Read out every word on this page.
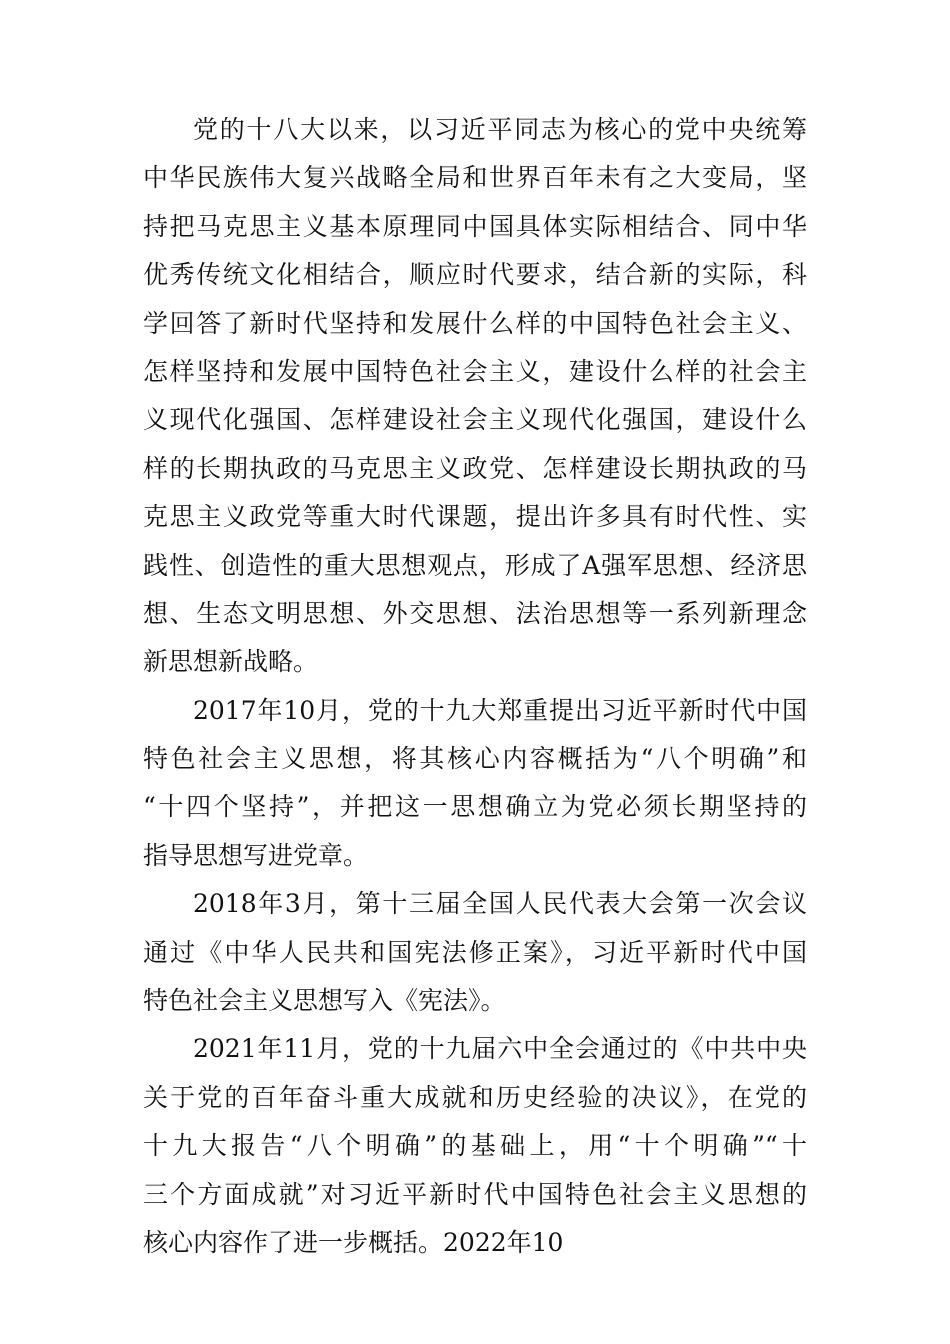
党的十八大以来，以习近平同志为核心的党中央统筹
中华民族伟大复兴战略全局和世界百年未有之大变局，坚
持把马克思主义基本原理同中国具体实际相结合、同中华
优秀传统文化相结合，顺应时代要求，结合新的实际，科
学回答了新时代坚持和发展什么样的中国特色社会主义、
怎样坚持和发展中国特色社会主义，建设什么样的社会主
义现代化强国、怎样建设社会主义现代化强国，建设什么
样的长期执政的马克思主义政党、怎样建设长期执政的马
克思主义政党等重大时代课题，提出许多具有时代性、实
践性、创造性的重大思想观点，形成了A强军思想、经济思
想、生态文明思想、外交思想、法治思想等一系列新理念
新思想新战略。
2017年10月，党的十九大郑重提出习近平新时代中国
特色社会主义思想，将其核心内容概括为“八个明确”和
“十四个坚持”，并把这一思想确立为党必须长期坚持的
指导思想写进党章。
2018年3月，第十三届全国人民代表大会第一次会议
通过《中华人民共和国宪法修正案》，习近平新时代中国
特色社会主义思想写入《宪法》。
2021年11月，党的十九届六中全会通过的《中共中央
关于党的百年奋斗重大成就和历史经验的决议》，在党的
十九大报告“八个明确”的基础上，用“十个明确”“十
三个方面成就”对习近平新时代中国特色社会主义思想的
核心内容作了进一步概括。2022年10
